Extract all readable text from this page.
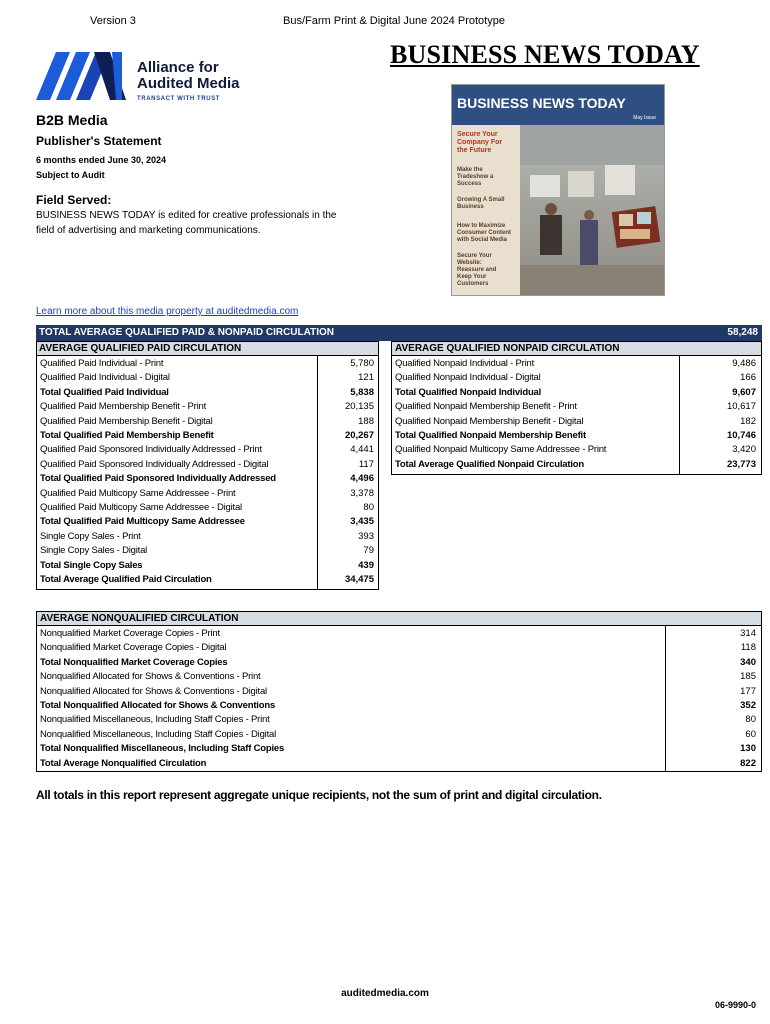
Version 3	Bus/Farm Print & Digital June 2024 Prototype
BUSINESS NEWS TODAY
Alliance for
Audited Media
TRANSACT WITH TRUST
B2B Media
Publisher's Statement
6 months ended June 30, 2024
Subject to Audit
Field Served:
BUSINESS NEWS TODAY is edited for creative professionals in the field of advertising and marketing communications.
BUSINESS NEWS TODAY
May Issue
Secure Your Company For the Future
Make the Tradeshow a Success
Growing A Small Business
How to Maximize Consumer Content with Social Media
Secure Your Website: Reassure and Keep Your Customers
Learn more about this media property at auditedmedia.com
TOTAL AVERAGE QUALIFIED PAID & NONPAID CIRCULATION	58,248
AVERAGE QUALIFIED PAID CIRCULATION
Qualified Paid Individual - Print	5,780
Qualified Paid Individual - Digital	121
Total Qualified Paid Individual	5,838
Qualified Paid Membership Benefit - Print	20,135
Qualified Paid Membership Benefit - Digital	188
Total Qualified Paid Membership Benefit	20,267
Qualified Paid Sponsored Individually Addressed - Print	4,441
Qualified Paid Sponsored Individually Addressed - Digital	117
Total Qualified Paid Sponsored Individually Addressed	4,496
Qualified Paid Multicopy Same Addressee - Print	3,378
Qualified Paid Multicopy Same Addressee - Digital	80
Total Qualified Paid Multicopy Same Addressee	3,435
Single Copy Sales - Print	393
Single Copy Sales - Digital	79
Total Single Copy Sales	439
Total Average Qualified Paid Circulation	34,475
AVERAGE QUALIFIED NONPAID CIRCULATION
Qualified Nonpaid Individual - Print	9,486
Qualified Nonpaid Individual - Digital	166
Total Qualified Nonpaid Individual	9,607
Qualified Nonpaid Membership Benefit - Print	10,617
Qualified Nonpaid Membership Benefit - Digital	182
Total Qualified Nonpaid Membership Benefit	10,746
Qualified Nonpaid Multicopy Same Addressee - Print	3,420
Total Average Qualified Nonpaid Circulation	23,773
AVERAGE NONQUALIFIED CIRCULATION
Nonqualified Market Coverage Copies - Print	314
Nonqualified Market Coverage Copies - Digital	118
Total Nonqualified Market Coverage Copies	340
Nonqualified Allocated for Shows & Conventions - Print	185
Nonqualified Allocated for Shows & Conventions - Digital	177
Total Nonqualified Allocated for Shows & Conventions	352
Nonqualified Miscellaneous, Including Staff Copies - Print	80
Nonqualified Miscellaneous, Including Staff Copies - Digital	60
Total Nonqualified Miscellaneous, Including Staff Copies	130
Total Average Nonqualified Circulation	822
All totals in this report represent aggregate unique recipients, not the sum of print and digital circulation.
auditedmedia.com
06-9990-0
